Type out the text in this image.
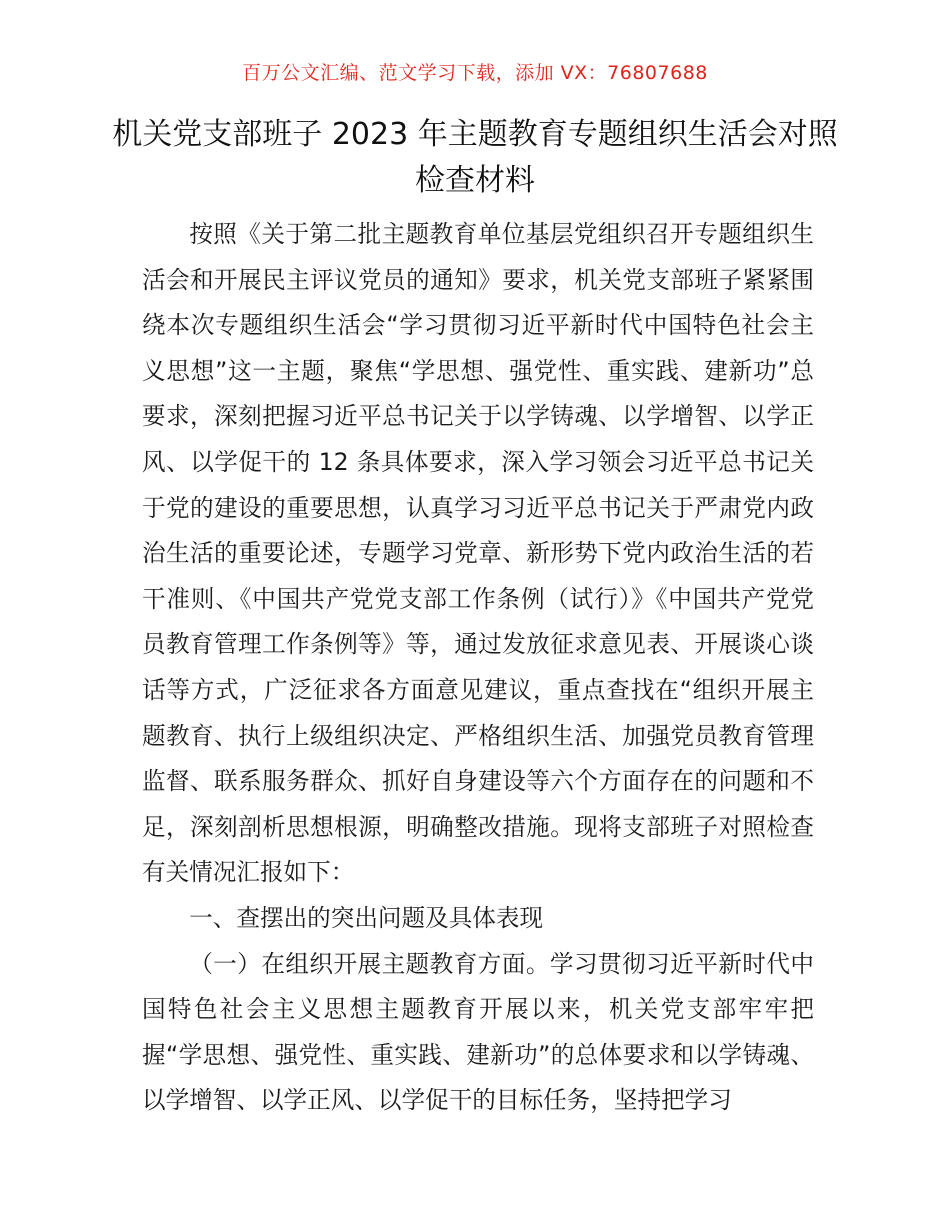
百万公文汇编、范文学习下载，添加 VX：76807688
机关党支部班子 2023 年主题教育专题组织生活会对照检查材料

按照《关于第二批主题教育单位基层党组织召开专题组织生活会和开展民主评议党员的通知》要求，机关党支部班子紧紧围绕本次专题组织生活会“学习贯彻习近平新时代中国特色社会主义思想”这一主题，聚焦“学思想、强党性、重实践、建新功”总要求，深刻把握习近平总书记关于以学铸魂、以学增智、以学正风、以学促干的 12 条具体要求，深入学习领会习近平总书记关于党的建设的重要思想，认真学习习近平总书记关于严肃党内政治生活的重要论述，专题学习党章、新形势下党内政治生活的若干准则、《中国共产党党支部工作条例（试行）》《中国共产党党员教育管理工作条例等》等，通过发放征求意见表、开展谈心谈话等方式，广泛征求各方面意见建议，重点查找在“组织开展主题教育、执行上级组织决定、严格组织生活、加强党员教育管理监督、联系服务群众、抓好自身建设等六个方面存在的问题和不足，深刻剖析思想根源，明确整改措施。现将支部班子对照检查有关情况汇报如下：

一、查摆出的突出问题及具体表现

（一）在组织开展主题教育方面。学习贯彻习近平新时代中国特色社会主义思想主题教育开展以来，机关党支部牢牢把握“学思想、强党性、重实践、建新功”的总体要求和以学铸魂、以学增智、以学正风、以学促干的目标任务，坚持把学习
